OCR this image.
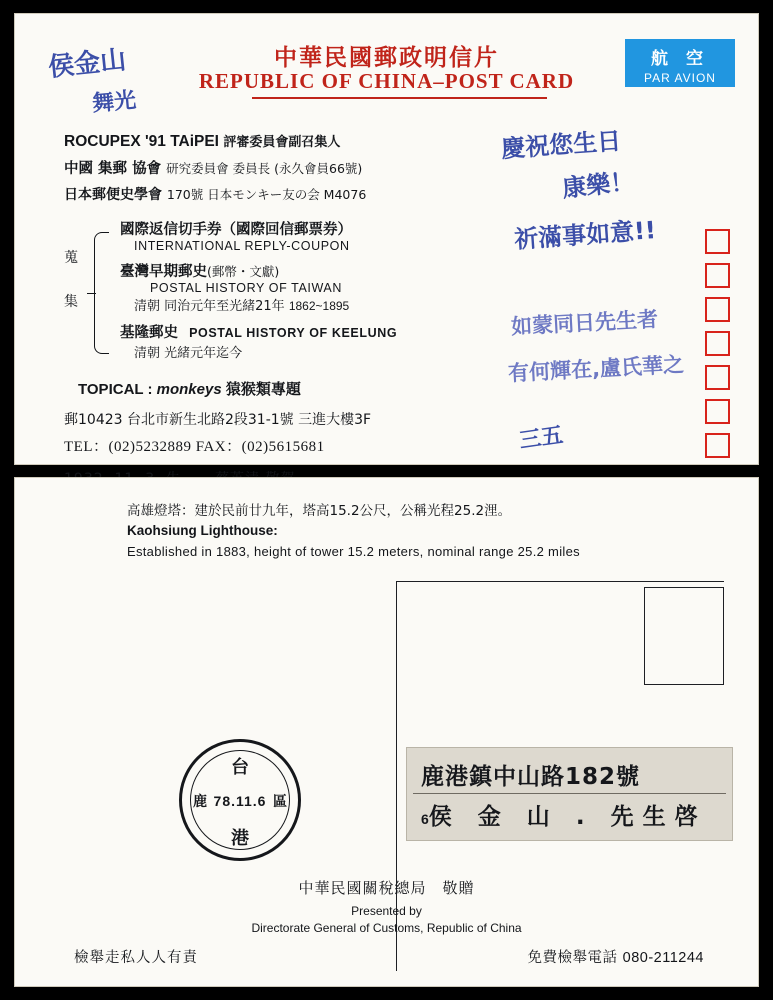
中華民國郵政明信片
REPUBLIC OF CHINA–POST CARD
航 空
PAR AVION
ROCUPEX '91 TAiPEI 評審委員會副召集人
中國 集郵 協會 研究委員會 委員長 (永久會員66號)
日本郵便史學會 170號 日本モンキー友の会 M4076
蒐
集
國際返信切手券（國際回信郵票券）
INTERNATIONAL REPLY-COUPON
臺灣早期郵史(郵幣・文獻)
POSTAL HISTORY OF TAIWAN
清朝 同治元年至光緒21年 1862~1895
基隆郵史 POSTAL HISTORY OF KEELUNG
清朝 光緒元年迄今
TOPICAL : monkeys 猿猴類專題
郵10423 台北市新生北路2段31-1號 三進大樓3F
TEL：(02)5232889 FAX：(02)5615681
侯金山
舞光
慶祝您生日
康樂！
祈滿事如意!!
如蒙同日先生者
有何輝在,盧氏華之
三五
高雄燈塔：建於民前廿九年，塔高15.2公尺，公稱光程25.2浬。
Kaohsiung Lighthouse:
Established in 1883, height of tower 15.2 meters, nominal range 25.2 miles
台
鹿	區
78.11.6
港
鹿港鎮中山路182號
6侯 金 山 . 先生啓
中華民國關稅總局　敬贈
Presented by
Directorate General of Customs, Republic of China
檢舉走私人人有責	免費檢舉電話 080-211244
